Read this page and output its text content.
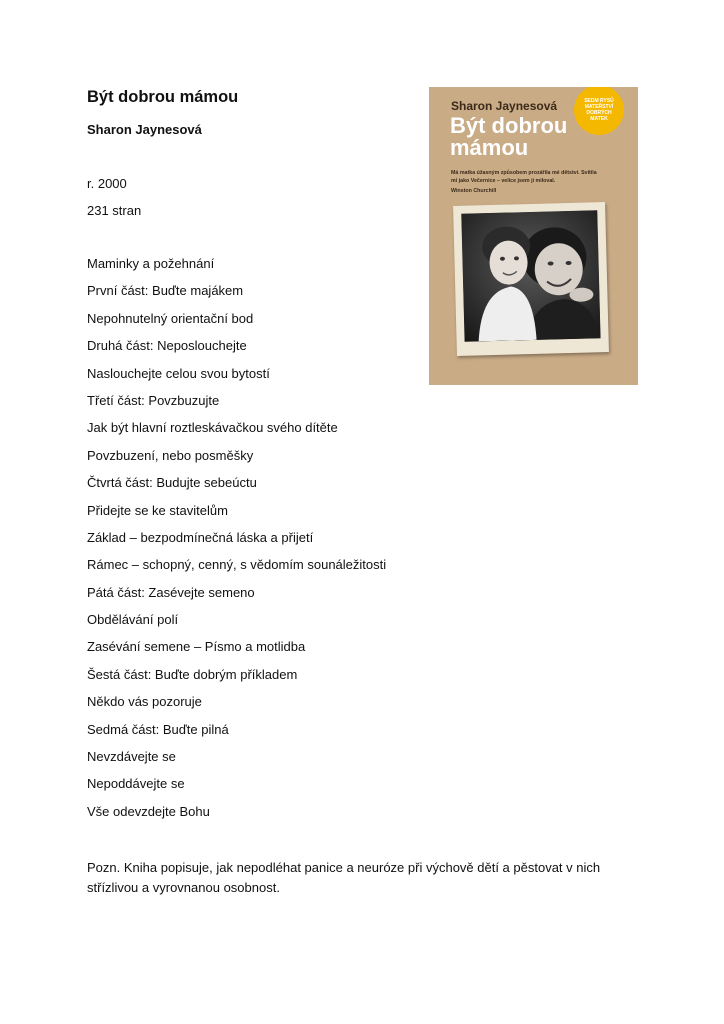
Být dobrou mámou
Sharon Jaynesová
r. 2000
231 stran
Maminky a požehnání
První část: Buďte majákem
Nepohnutelný orientační bod
Druhá část: Neposlouchejte
Naslouchejte celou svou bytostí
Třetí část: Povzbuzujte
Jak být hlavní roztleskávačkou svého dítěte
Povzbuzení, nebo posměšky
Čtvrtá část: Budujte sebeúctu
Přidejte se ke stavitelům
Základ – bezpodmínečná láska a přijetí
Rámec – schopný, cenný, s vědomím sounáležitosti
Pátá část: Zasévejte semeno
Obdělávání polí
Zasévání semene – Písmo a motlidba
Šestá část: Buďte dobrým příkladem
Někdo vás pozoruje
Sedmá část: Buďte pilná
Nevzdávejte se
Nepoddávejte se
Vše odevzdejte Bohu
Pozn. Kniha popisuje, jak nepodléhat panice a neuróze při výchově dětí a pěstovat v nich střízlivou a vyrovnanou osobnost.
Sharon Jaynesová
Být dobrou mámou
SEDM RYSŮ MATEŘSTVÍ DOBRÝCH MATEK
Má matka úžasným způsobem prozářila mé dětství. Svítila mi jako Večernice – velice jsem ji miloval.
Winston Churchill
